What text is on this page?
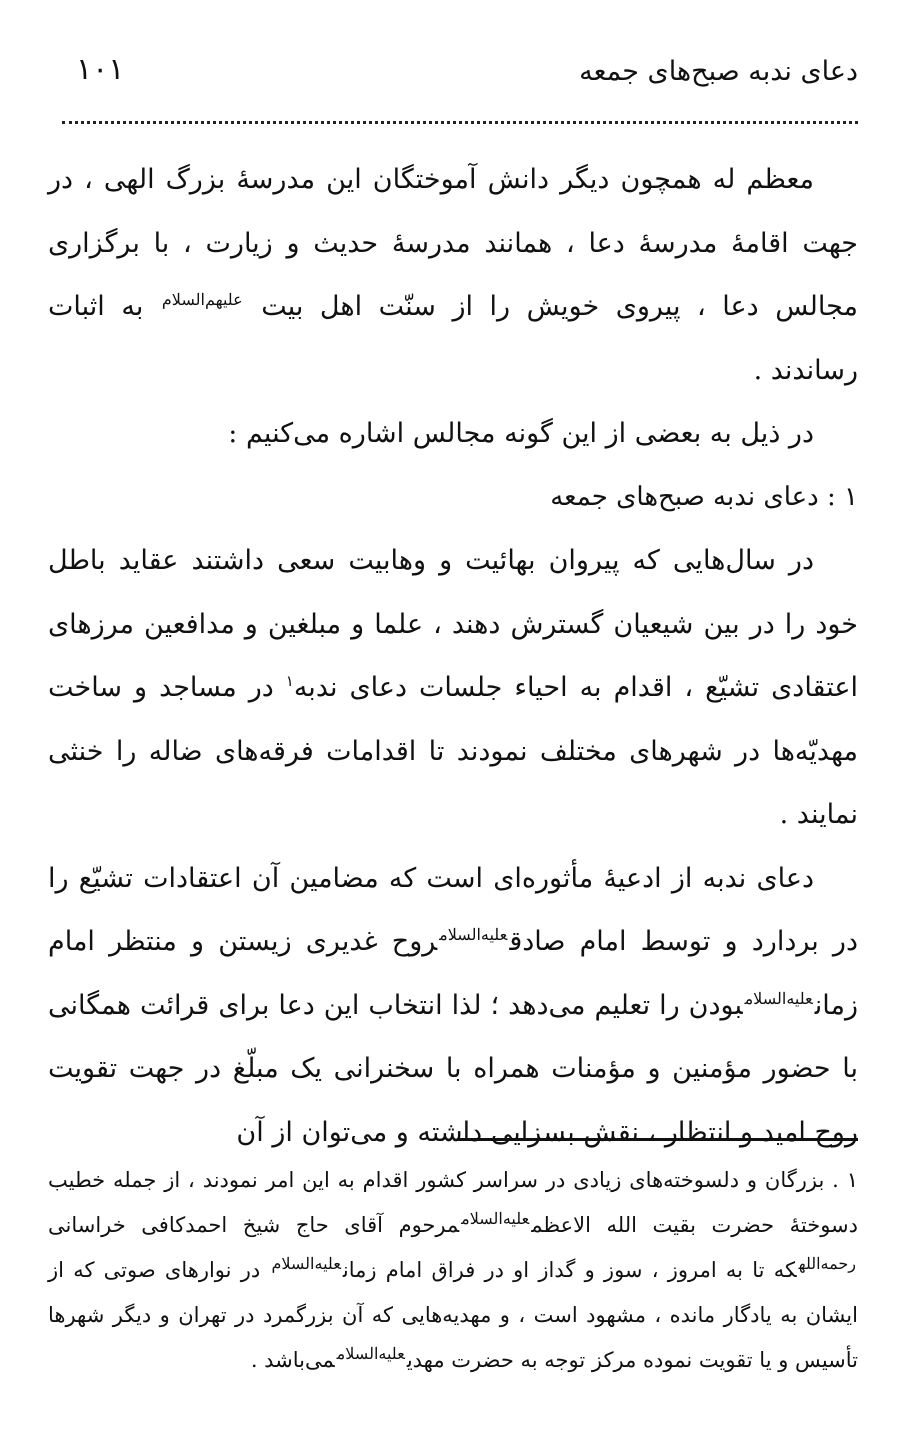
دعای ندبه صبح‌های جمعه
۱۰۱

معظم له همچون دیگر دانش آموختگان این مدرسهٔ بزرگ الهی ، در جهت اقامهٔ مدرسهٔ دعا ، همانند مدرسهٔ حدیث و زیارت ، با برگزاری مجالس دعا ، پیروی خویش را از سنّت اهل بیت $^{علیهم‌السلام}$ به اثبات رساندند .

در ذیل به بعضی از این گونه مجالس اشاره می‌کنیم :

۱ : دعای ندبه صبح‌های جمعه

در سال‌هایی که پیروان بهائیت و وهابیت سعی داشتند عقاید باطل خود را در بین شیعیان گسترش دهند ، علما و مبلغین و مدافعین مرزهای اعتقادی تشیّع ، اقدام به احیاء جلسات دعای ندبه$^۱$ در مساجد و ساخت مهدیّه‌ها در شهرهای مختلف نمودند تا اقدامات فرقه‌های ضاله را خنثی نمایند .

دعای ندبه از ادعیهٔ مأثوره‌ای است که مضامین آن اعتقادات تشیّع را در بردارد و توسط امام صادق$^{علیه‌السلام}$روح غدیری زیستن و منتظر امام زمان$^{علیه‌السلام}$بودن را تعلیم می‌دهد ؛ لذا انتخاب این دعا برای قرائت همگانی با حضور مؤمنین و مؤمنات همراه با سخنرانی یک مبلّغ در جهت تقویت روح امید و انتظار ، نقش بسزایی داشته و می‌توان از آن

۱ . بزرگان و دلسوخته‌های زیادی در سراسر کشور اقدام به این امر نمودند ، از جمله خطیب دسوختهٔ حضرت بقیت الله الاعظم$^{علیه‌السلام}$مرحوم آقای حاج شیخ احمدکافی خراسانی $^{رحمه‌الله}$که تا به امروز ، سوز و گداز او در فراق امام زمان$^{علیه‌السلام}$ در نوارهای صوتی که از ایشان به یادگار مانده ، مشهود است ، و مهدیه‌هایی که آن بزرگمرد در تهران و دیگر شهرها تأسیس و یا تقویت نموده مرکز توجه به حضرت مهدی$^{علیه‌السلام}$می‌باشد .
